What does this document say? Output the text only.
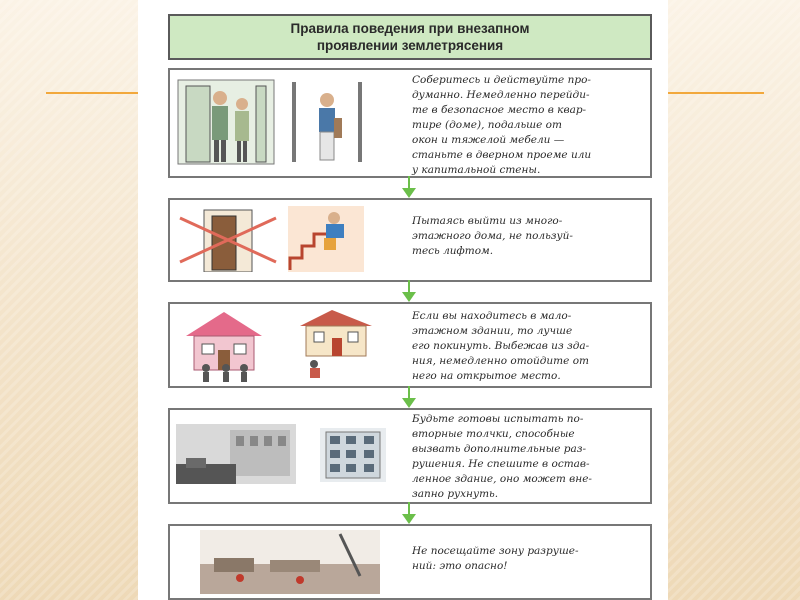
Правила поведения при внезапном
проявлении землетрясения
Соберитесь и действуйте про-
думанно. Немедленно перейди-
те в безопасное место в квар-
тире (доме), подальше от
окон и тяжелой мебели —
станьте в дверном проеме или
у капитальной стены.
Пытаясь выйти из много-
этажного дома, не пользуй-
тесь лифтом.
Если вы находитесь в мало-
этажном здании, то лучше
его покинуть. Выбежав из зда-
ния, немедленно отойдите от
него на открытое место.
Будьте готовы испытать по-
вторные толчки, способные
вызвать дополнительные раз-
рушения. Не спешите в остав-
ленное здание, оно может вне-
запно рухнуть.
Не посещайте зону разруше-
ний: это опасно!
